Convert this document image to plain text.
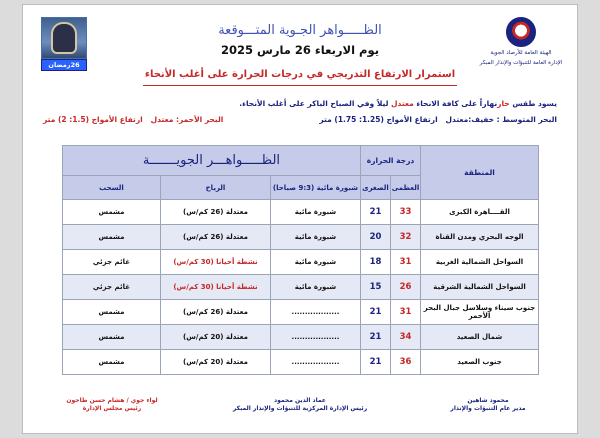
الهيئة العامة للأرصاد الجوية
الإدارة العامة للتنبؤات والإنذار المبكر
26رمضان
الظـــــواهر الجـوية المتـــوقعة
يوم الاربعاء 26 مارس 2025
استمرار الارتفاع التدريجي في درجات الحرارة على أغلب الأنحاء
يسود طقس حارنهاراً على كافة الانحاء معتدل ليلاً وفي الصباح الباكر على أغلب الأنحاء.
البحر المتوسط : خفيف:معتدل   ارتفاع الأمواج (1.25: 1.75) متر
البحر الأحمر: معتدل   ارتفاع الأمواج (1.5: 2) متر
المنطقة	درجة الحرارة		الظـــــواهـــر الجويـــــــة		
	العظمى	الصغرى	شبورة مائية (9:3 صباحا)	الرياح	السحب
القــــاهرة الكبرى	33	21	شبورة مائية	معتدلة (26 كم/س)	مشمس
الوجه البحري ومدن القناة	32	20	شبورة مائية	معتدلة (26 كم/س)	مشمس
السواحل الشمالية الغربية	31	18	شبورة مائية	نشطة أحيانا (30 كم/س)	غائم جزئي
السواحل الشمالية الشرقية	26	15	شبورة مائية	نشطة أحيانا (30 كم/س)	غائم جزئي
جنوب سيناء وسلاسل جبال البحر الأحمر	31	21	..................	معتدلة (26 كم/س)	مشمس
شمال الصعيد	34	21	..................	معتدلة (20 كم/س)	مشمس
جنوب الصعيد	36	21	..................	معتدلة (20 كم/س)	مشمس
محمود شاهين
مدير عام التنبؤات والإنذار
عماد الدين محمود
رئيس الإدارة المركزية للتنبؤات والإنذار المبكر
لواء جوي / هشام حسن طاحون
رئيس مجلس الإدارة
